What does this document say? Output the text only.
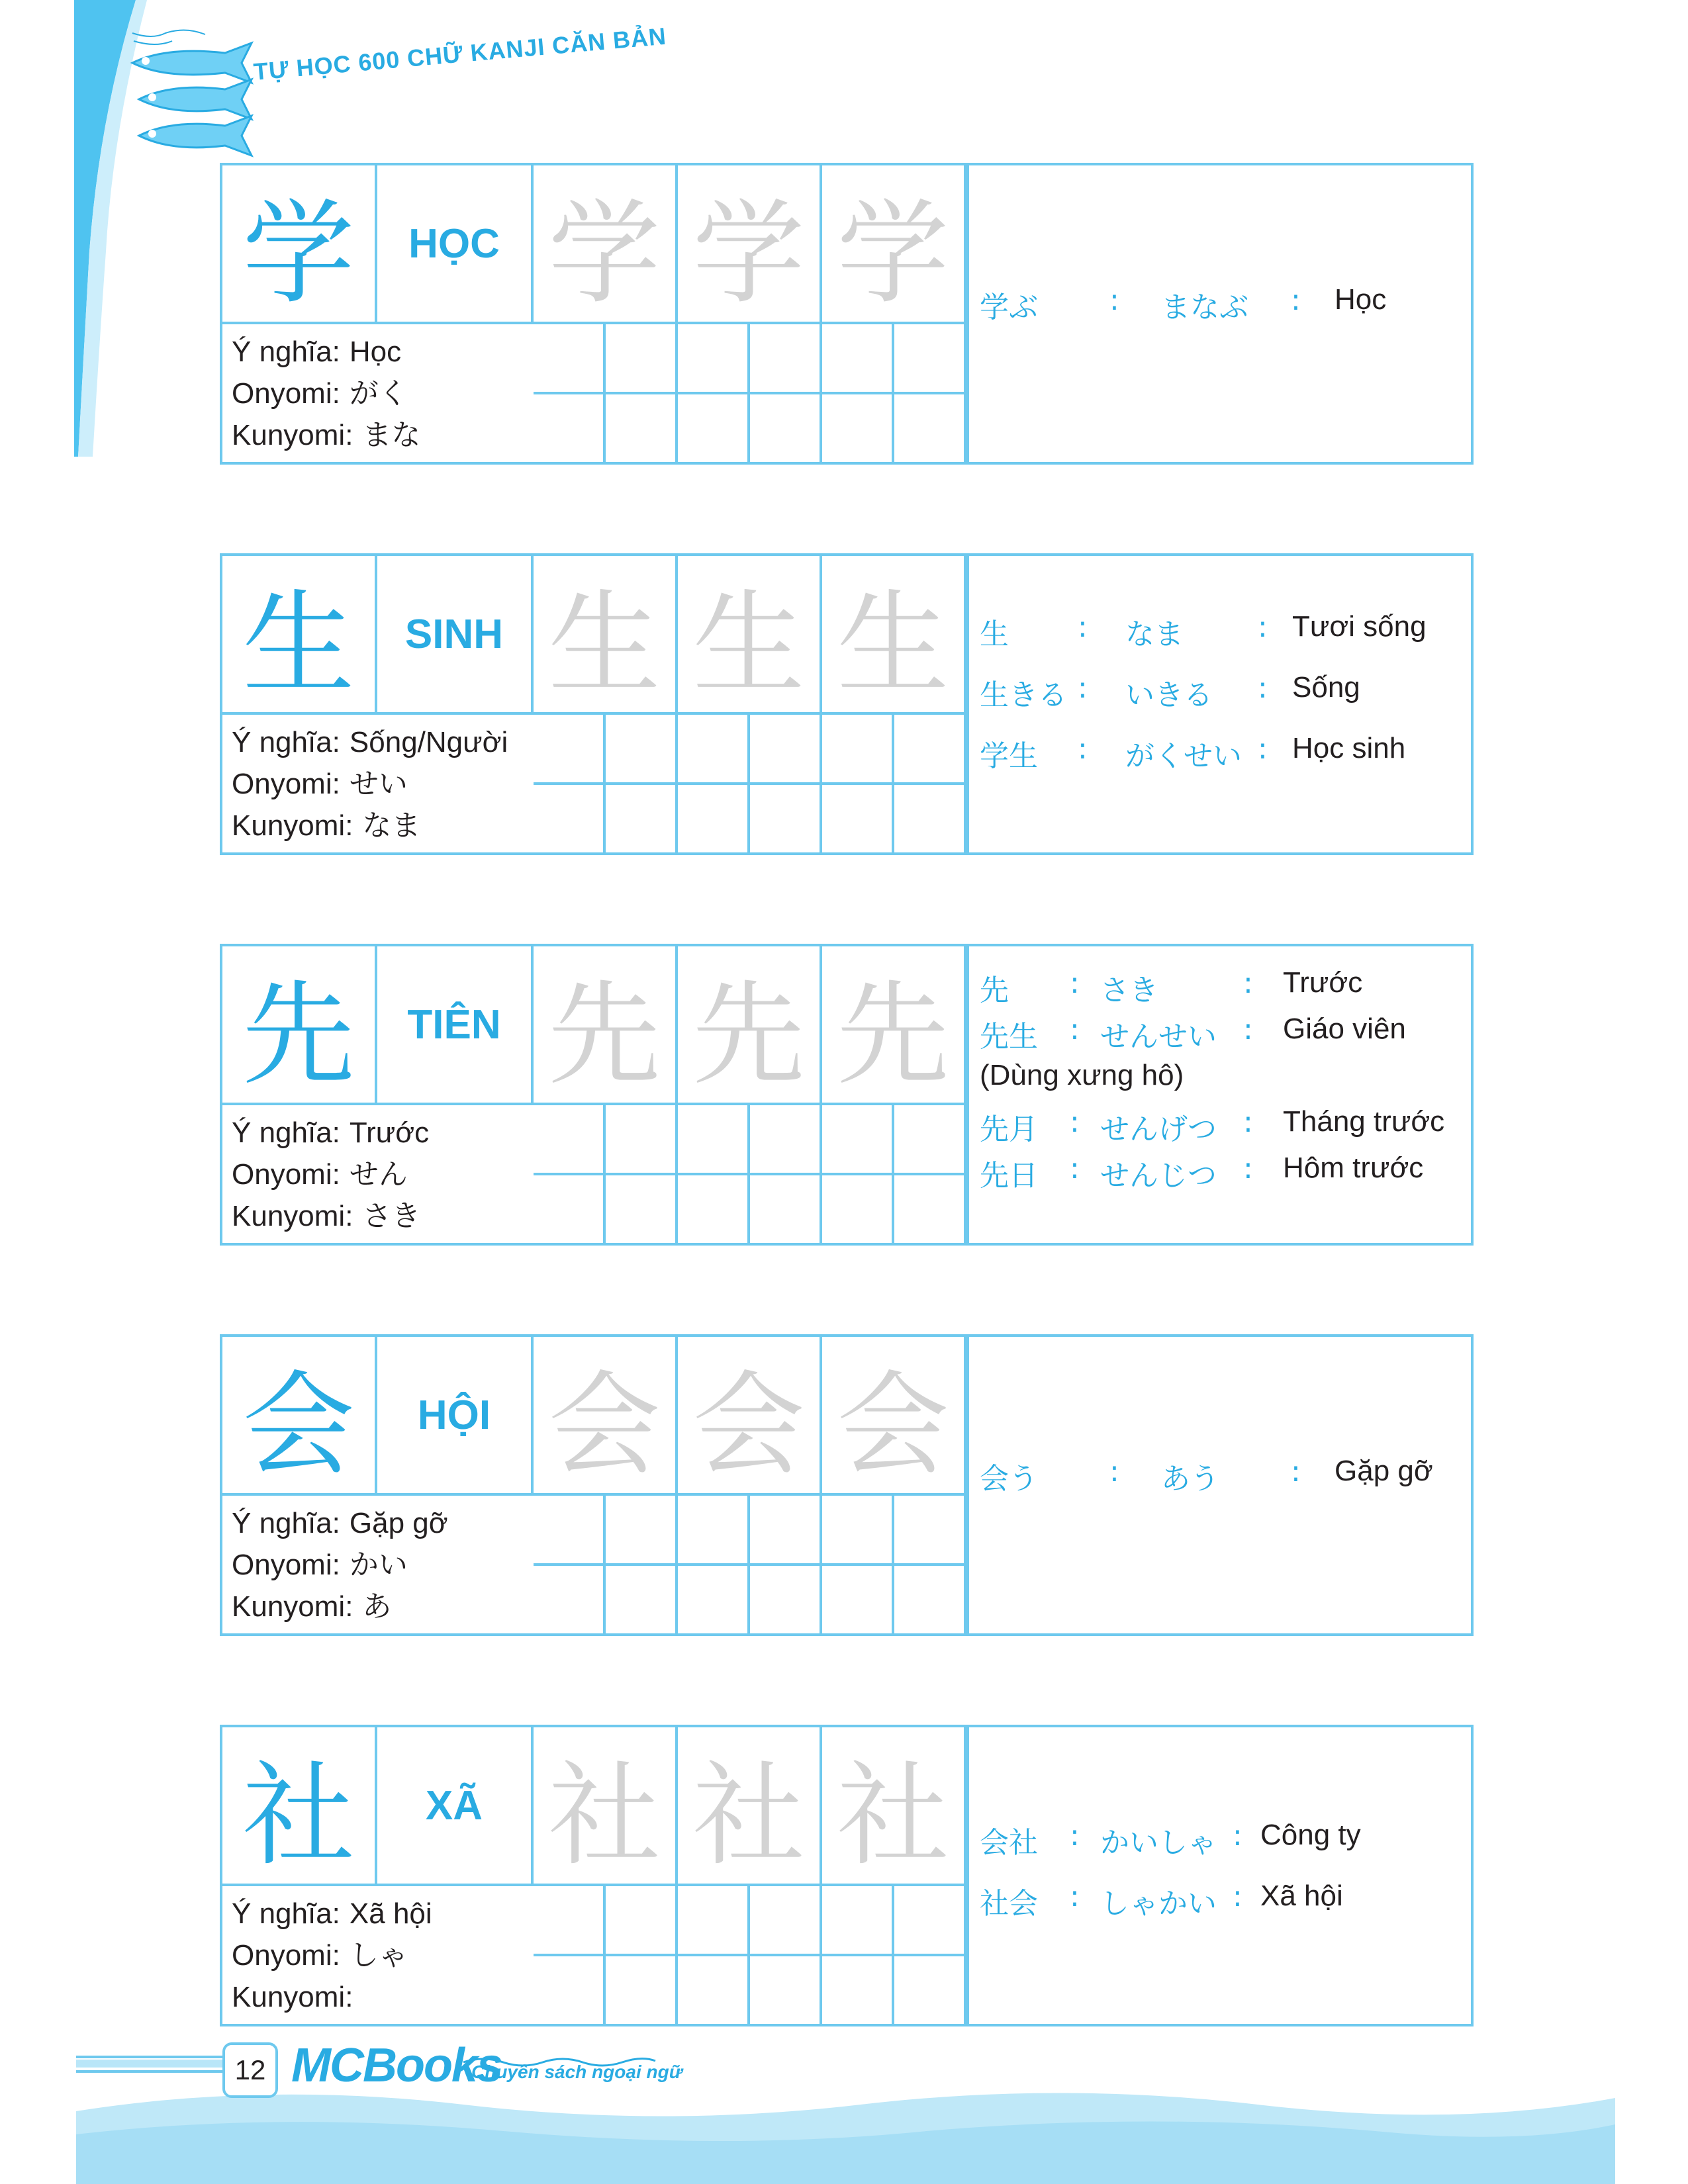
TỰ HỌC 600 CHỮ KANJI CĂN BẢN
学	HỌC 学 学 学
Ý nghĩa: Học
Onyomi: がく
Kunyomi: まな
学ぶ : まなぶ : Học
生	SINH 生 生 生
Ý nghĩa: Sống/Người
Onyomi: せい
Kunyomi: なま
生 : なま	: Tươi sống
生きる : いきる : Sống
学生 : がくせい : Học sinh
先	TIÊN 先 先 先
Ý nghĩa: Trước
Onyomi: せん
Kunyomi: さき
先 : さき	: Trước
先生 : せんせい : Giáo viên
(Dùng xưng hô)
先月 : せんげつ : Tháng trước
先日 : せんじつ : Hôm trước
会	HỘI 会 会 会
Ý nghĩa: Gặp gỡ
Onyomi: かい
Kunyomi: あ
会う : あう : Gặp gỡ
社	XÃ 社 社 社
Ý nghĩa: Xã hội
Onyomi: しゃ
Kunyomi:
会社 : かいしゃ : Công ty
社会 : しゃかい : Xã hội
12 MCBooks
Chuyên sách ngoại ngữ
